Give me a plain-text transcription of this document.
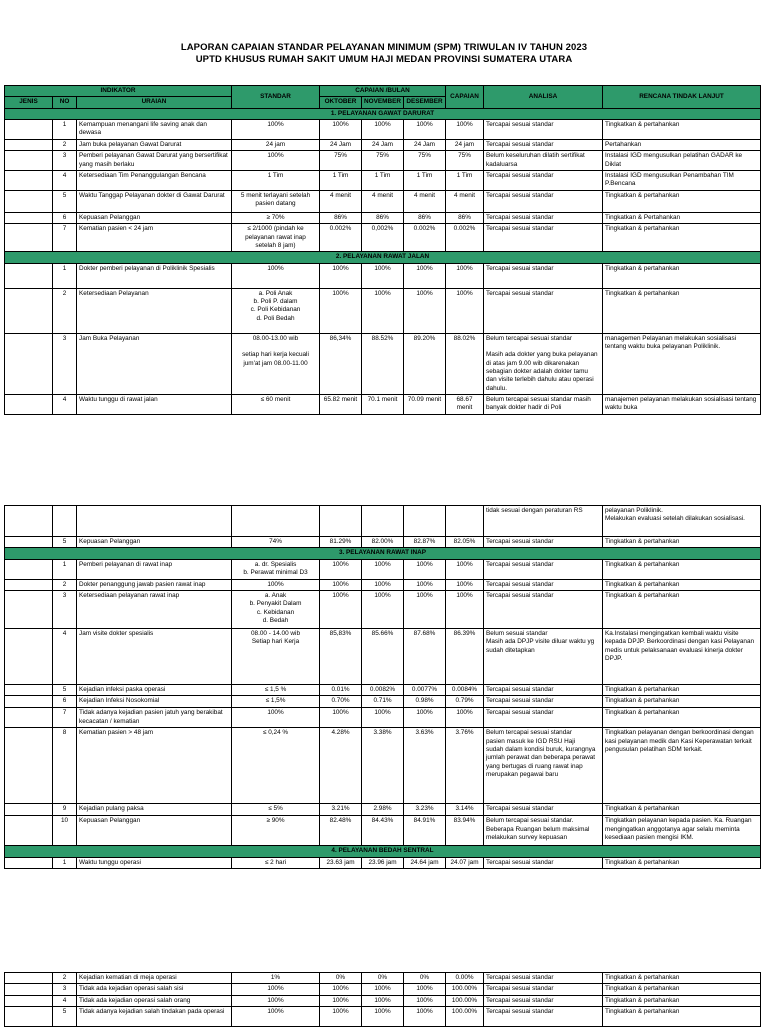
LAPORAN CAPAIAN STANDAR PELAYANAN MINIMUM (SPM) TRIWULAN IV TAHUN 2023
UPTD KHUSUS RUMAH SAKIT UMUM HAJI MEDAN PROVINSI SUMATERA UTARA
INDIKATOR			STANDAR	CAPAIAN /BULAN			CAPAIAN	ANALISA	RENCANA TINDAK LANJUT
JENIS	NO	URAIAN		OKTOBER	NOVEMBER	DESEMBER			
1. PELAYANAN GAWAT DARURAT									
	1	Kemampuan menangani life saving anak dan dewasa	100%	100%	100%	100%	100%	Tercapai sesuai standar	Tingkatkan & pertahankan
	2	Jam buka pelayanan Gawat Darurat	24 jam	24 Jam	24 Jam	24 Jam	24 jam	Tercapai sesuai standar	Pertahankan
	3	Pemberi pelayanan Gawat Darurat yang bersertifikat yang masih berlaku	100%	75%	75%	75%	75%	Belum keseluruhan dilatih sertifikat kadaluarsa	Instalasi IGD mengusulkan pelatihan GADAR ke Diklat
	4	Ketersediaan Tim Penanggulangan Bencana	1 Tim	1 Tim	1 Tim	1 Tim	1 Tim	Tercapai sesuai standar	Instalasi IGD mengusulkan Penambahan TIM P.Bencana
	5	Waktu Tanggap Pelayanan dokter di Gawat Darurat	5 menit terlayani setelah pasien datang	4 menit	4 menit	4 menit	4 menit	Tercapai sesuai standar	Tingkatkan & pertahankan
	6	Kepuasan Pelanggan	≥ 70%	86%	86%	86%	86%	Tercapai sesuai standar	Tingkatkan & Pertahankan
	7	Kematian pasien < 24 jam	≤ 2/1000 (pindah ke pelayanan rawat inap setelah 8 jam)	0.002%	0,002%	0.002%	0.002%	Tercapai sesuai standar	Tingkatkan & pertahankan
2. PELAYANAN RAWAT JALAN									
	1	Dokter pemberi pelayanan di Poliklinik Spesialis	100%	100%	100%	100%	100%	Tercapai sesuai standar	Tingkatkan & pertahankan
	2	Ketersediaan Pelayanan	a. Poli Anak
b. Poli P. dalam
c. Poli Kebidanan
d. Poli Bedah	100%	100%	100%	100%	Tercapai sesuai standar	Tingkatkan & pertahankan
	3	Jam Buka Pelayanan	08.00-13.00 wib

setiap hari kerja kecuali jum'at jam 08.00-11.00	86,34%	88.52%	89.20%	88.02%	Belum tercapai sesuai standar

Masih ada dokter yang buka pelayanan di atas jam 9.00 wib dikarenakan sebagian dokter adalah dokter tamu dan visite terlebih dahulu atau operasi dahulu.	managemen Pelayanan melakukan sosialisasi tentang waktu buka pelayanan Poliklinik.
	4	Waktu tunggu di rawat jalan	≤ 60 menit	65.82 menit	70.1 menit	70.09 menit	68.67 menit	Belum tercapai sesuai standar masih banyak dokter hadir di Poli	manajemen pelayanan melakukan sosialisasi tentang waktu buka
								tidak sesuai dengan peraturan RS	pelayanan Poliklinik.
Melakukan evaluasi setelah dilakukan sosialisasi.
	5	Kepuasan Pelanggan	74%	81.29%	82.00%	82.87%	82.05%	Tercapai sesuai standar	Tingkatkan & pertahankan
3. PELAYANAN RAWAT INAP									
	1	Pemberi pelayanan di rawat inap	a. dr. Spesialis
b. Perawat minimal D3	100%	100%	100%	100%	Tercapai sesuai standar	Tingkatkan & pertahankan
	2	Dokter penanggung jawab pasien rawat inap	100%	100%	100%	100%	100%	Tercapai sesuai standar	Tingkatkan & pertahankan
	3	Ketersediaan pelayanan rawat inap	a. Anak
b. Penyakit Dalam
c. Kebidanan
d. Bedah	100%	100%	100%	100%	Tercapai sesuai standar	Tingkatkan & pertahankan
	4	Jam visite dokter spesialis	08.00 - 14.00 wib
Setiap hari Kerja	85,83%	85.66%	87.68%	86.39%	Belum sesuai standar
Masih ada DPJP visite diluar waktu yg sudah ditetapkan	Ka.Instalasi mengingatkan kembali waktu visite kepada DPJP. Berkoordinasi dengan kasi Pelayanan medis untuk pelaksanaan evaluasi kinerja dokter DPJP.
	5	Kejadian infeksi paska operasi	≤ 1,5 %	0.01%	0.0082%	0.0077%	0.0084%	Tercapai sesuai standar	Tingkatkan & pertahankan
	6	Kejadian Infeksi Nosokomial	≤ 1,5%	0.70%	0.71%	0.98%	0.79%	Tercapai sesuai standar	Tingkatkan & pertahankan
	7	Tidak adanya kejadian pasien jatuh yang berakibat kecacatan / kematian	100%	100%	100%	100%	100%	Tercapai sesuai standar	Tingkatkan & pertahankan
	8	Kematian pasien > 48 jam	≤ 0,24 %	4.28%	3.38%	3.63%	3.76%	Belum tercapai sesuai standar
pasien masuk ke IGD RSU Haji
sudah dalam kondisi buruk, kurangnya jumlah perawat dan beberapa perawat yang bertugas di ruang rawat inap merupakan pegawai baru	Tingkatkan pelayanan dengan berkoordinasi dengan kasi pelayanan medik dan Kasi Keperawatan terkait pengusulan pelatihan SDM terkait.
	9	Kejadian pulang paksa	≤ 5%	3.21%	2.98%	3.23%	3.14%	Tercapai sesuai standar	Tingkatkan & pertahankan
	10	Kepuasan Pelanggan	≥ 90%	82.48%	84.43%	84.91%	83.94%	Belum tercapai sesuai standar. Beberapa Ruangan belum maksimal melakukan survey kepuasan	Tingkatkan pelayanan kepada pasien. Ka. Ruangan mengingatkan anggotanya agar selalu meminta kesediaan pasien mengisi IKM.
4. PELAYANAN BEDAH SENTRAL									
	1	Waktu tunggu operasi	≤ 2 hari	23.63 jam	23.96 jam	24.64 jam	24.07 jam	Tercapai sesuai standar	Tingkatkan & pertahankan
	2	Kejadian kematian di meja operasi	1%	0%	0%	0%	0.00%	Tercapai sesuai standar	Tingkatkan & pertahankan
	3	Tidak ada kejadian operasi salah sisi	100%	100%	100%	100%	100.00%	Tercapai sesuai standar	Tingkatkan & pertahankan
	4	Tidak ada kejadian operasi salah orang	100%	100%	100%	100%	100.00%	Tercapai sesuai standar	Tingkatkan & pertahankan
	5	Tidak adanya kejadian salah tindakan pada operasi	100%	100%	100%	100%	100.00%	Tercapai sesuai standar	Tingkatkan & pertahankan
